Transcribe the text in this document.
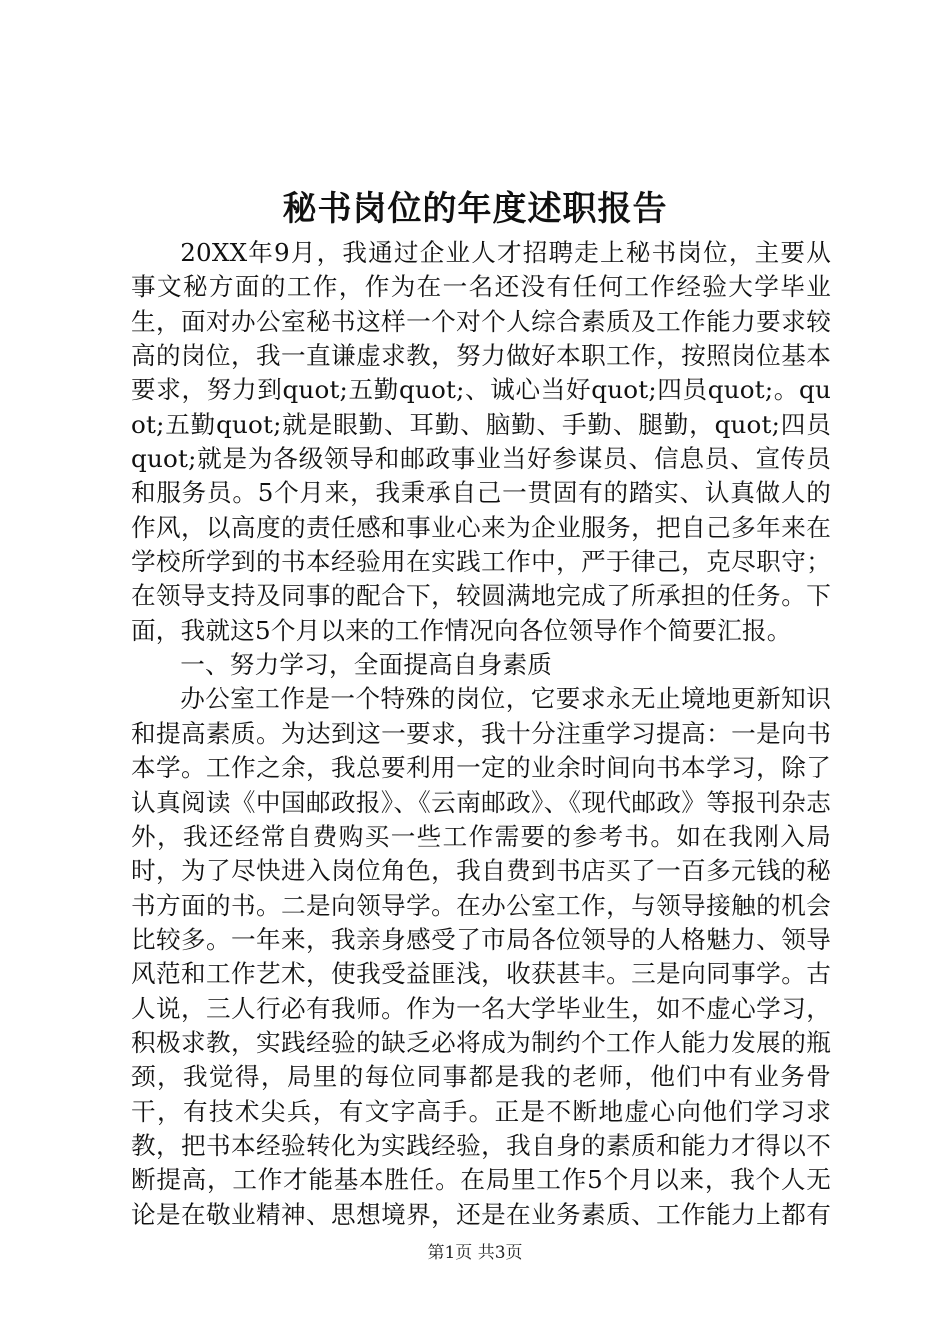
秘书岗位的年度述职报告

20XX年9月，我通过企业人才招聘走上秘书岗位，主要从事文秘方面的工作，作为在一名还没有任何工作经验大学毕业生，面对办公室秘书这样一个对个人综合素质及工作能力要求较高的岗位，我一直谦虚求教，努力做好本职工作，按照岗位基本要求，努力到quot;五勤quot;、诚心当好quot;四员quot;。quot;五勤quot;就是眼勤、耳勤、脑勤、手勤、腿勤，quot;四员quot;就是为各级领导和邮政事业当好参谋员、信息员、宣传员和服务员。5个月来，我秉承自己一贯固有的踏实、认真做人的作风，以高度的责任感和事业心来为企业服务，把自己多年来在学校所学到的书本经验用在实践工作中，严于律己，克尽职守；在领导支持及同事的配合下，较圆满地完成了所承担的任务。下面，我就这5个月以来的工作情况向各位领导作个简要汇报。

一、努力学习，全面提高自身素质

办公室工作是一个特殊的岗位，它要求永无止境地更新知识和提高素质。为达到这一要求，我十分注重学习提高：一是向书本学。工作之余，我总要利用一定的业余时间向书本学习，除了认真阅读《中国邮政报》、《云南邮政》、《现代邮政》等报刊杂志外，我还经常自费购买一些工作需要的参考书。如在我刚入局时，为了尽快进入岗位角色，我自费到书店买了一百多元钱的秘书方面的书。二是向领导学。在办公室工作，与领导接触的机会比较多。一年来，我亲身感受了市局各位领导的人格魅力、领导风范和工作艺术，使我受益匪浅，收获甚丰。三是向同事学。古人说，三人行必有我师。作为一名大学毕业生，如不虚心学习，积极求教，实践经验的缺乏必将成为制约个工作人能力发展的瓶颈，我觉得，局里的每位同事都是我的老师，他们中有业务骨干，有技术尖兵，有文字高手。正是不断地虚心向他们学习求教，把书本经验转化为实践经验，我自身的素质和能力才得以不断提高，工作才能基本胜任。在局里工作5个月以来，我个人无论是在敬业精神、思想境界，还是在业务素质、工作能力上都有

第1页 共3页
